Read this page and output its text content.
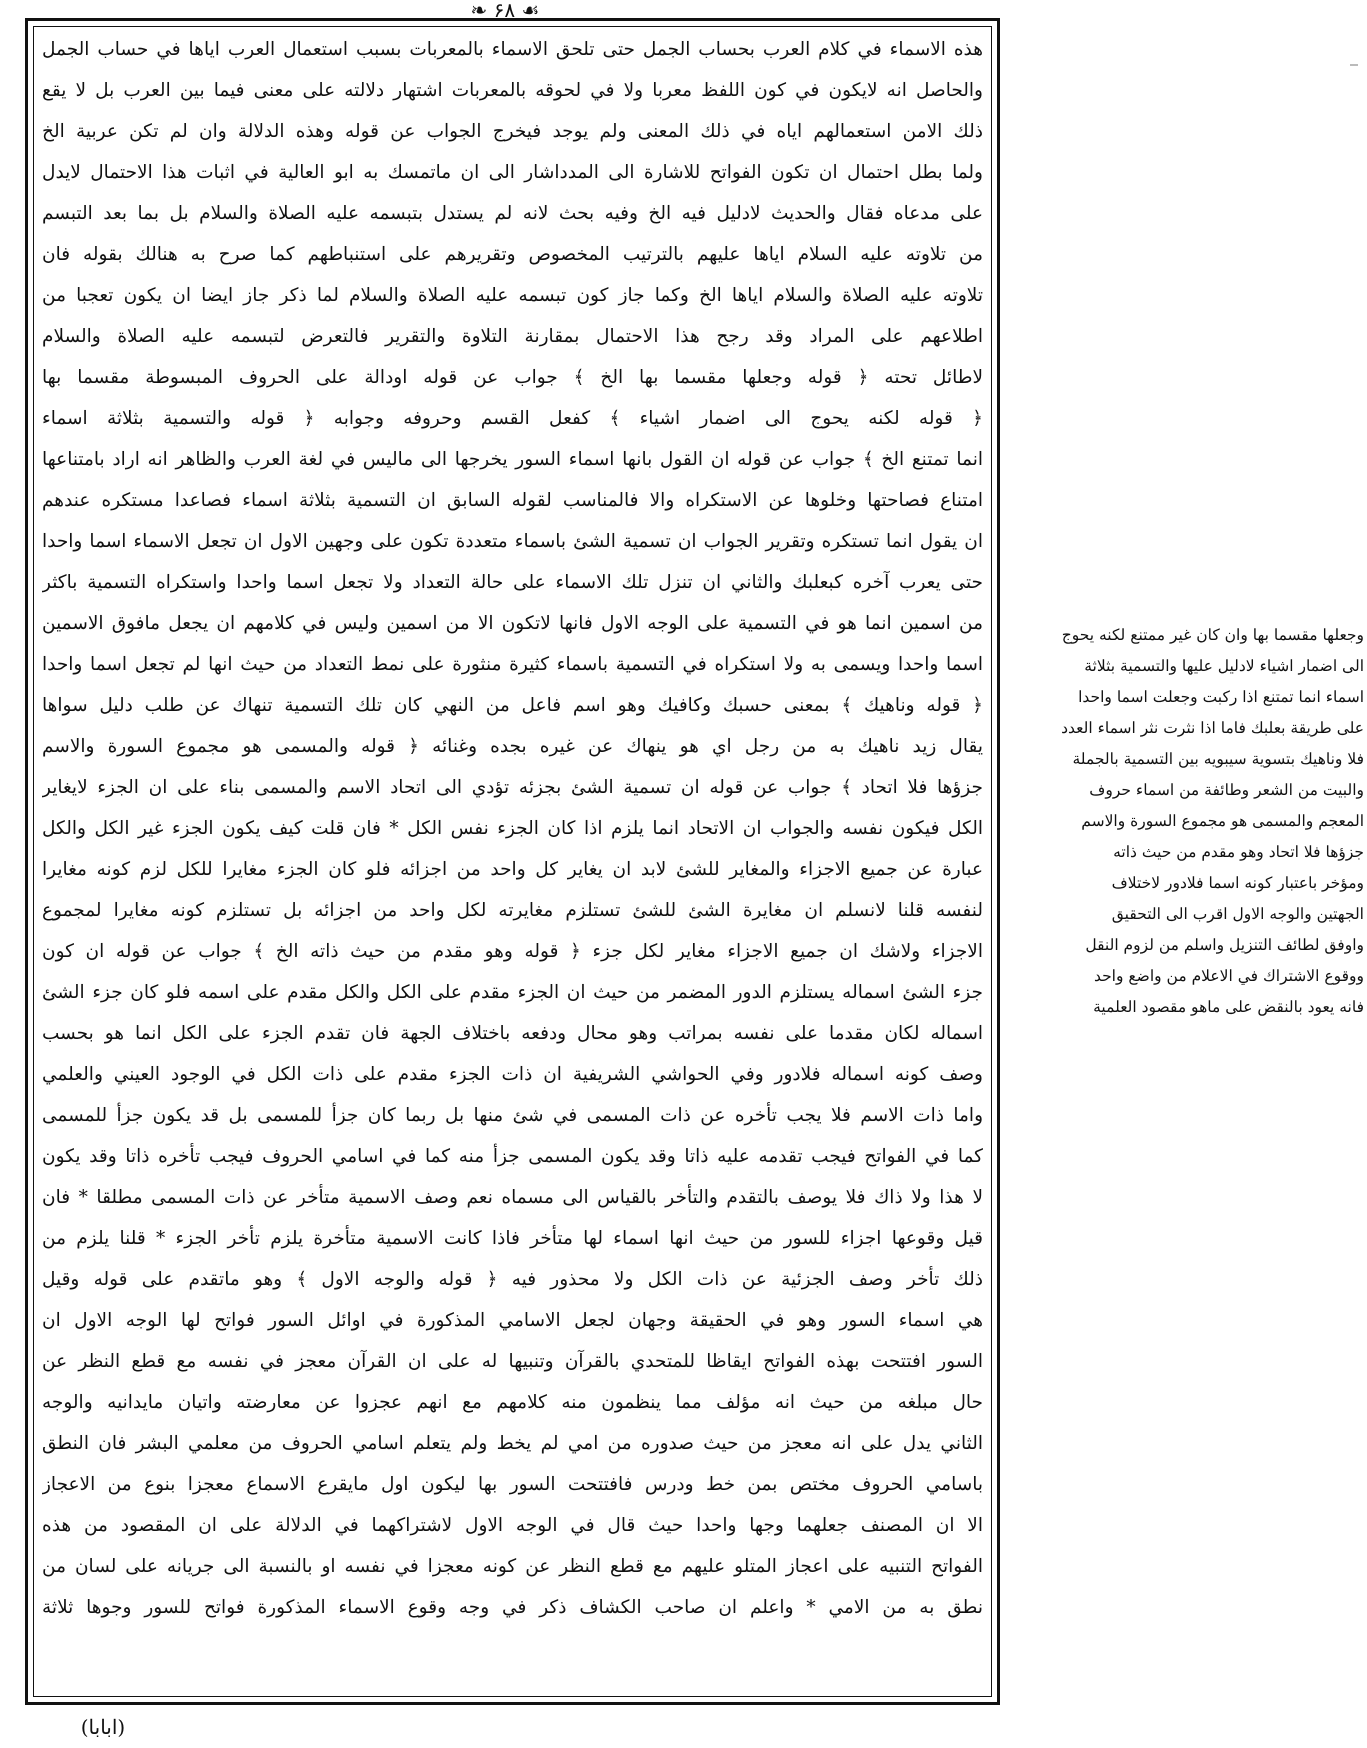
❧ ۶۸ ☙
هذه الاسماء في كلام العرب بحساب الجمل حتى تلحق الاسماء بالمعربات بسبب استعمال العرب اياها في حساب الجمل
والحاصل انه لايكون في كون اللفظ معربا ولا في لحوقه بالمعربات اشتهار دلالته على معنى فيما بين العرب بل لا يقع
ذلك الامن استعمالهم اياه في ذلك المعنى ولم يوجد فيخرج الجواب عن قوله وهذه الدلالة وان لم تكن عربية الخ
ولما بطل احتمال ان تكون الفواتح للاشارة الى المدداشار الى ان ماتمسك به ابو العالية في اثبات هذا الاحتمال لايدل
على مدعاه فقال والحديث لادليل فيه الخ وفيه بحث لانه لم يستدل بتبسمه عليه الصلاة والسلام بل بما بعد التبسم
من تلاوته عليه السلام اياها عليهم بالترتيب المخصوص وتقريرهم على استنباطهم كما صرح به هنالك بقوله فان
تلاوته عليه الصلاة والسلام اياها الخ وكما جاز كون تبسمه عليه الصلاة والسلام لما ذكر جاز ايضا ان يكون تعجبا من
اطلاعهم على المراد وقد رجح هذا الاحتمال بمقارنة التلاوة والتقرير فالتعرض لتبسمه عليه الصلاة والسلام
لاطائل تحته ﴿ قوله وجعلها مقسما بها الخ ﴾ جواب عن قوله اودالة على الحروف المبسوطة مقسما بها
﴿ قوله لكنه يحوج الى اضمار اشياء ﴾ كفعل القسم وحروفه وجوابه ﴿ قوله والتسمية بثلاثة اسماء
انما تمتنع الخ ﴾ جواب عن قوله ان القول بانها اسماء السور يخرجها الى ماليس في لغة العرب والظاهر انه اراد بامتناعها
امتناع فصاحتها وخلوها عن الاستكراه والا فالمناسب لقوله السابق ان التسمية بثلاثة اسماء فصاعدا مستكره عندهم
ان يقول انما تستكره وتقرير الجواب ان تسمية الشئ باسماء متعددة تكون على وجهين الاول ان تجعل الاسماء اسما واحدا
حتى يعرب آخره كبعلبك والثاني ان تنزل تلك الاسماء على حالة التعداد ولا تجعل اسما واحدا واستكراه التسمية باكثر
من اسمين انما هو في التسمية على الوجه الاول فانها لاتكون الا من اسمين وليس في كلامهم ان يجعل مافوق الاسمين
اسما واحدا ويسمى به ولا استكراه في التسمية باسماء كثيرة منثورة على نمط التعداد من حيث انها لم تجعل اسما واحدا
﴿ قوله وناهيك ﴾ بمعنى حسبك وكافيك وهو اسم فاعل من النهي كان تلك التسمية تنهاك عن طلب دليل سواها
يقال زيد ناهيك به من رجل اي هو ينهاك عن غيره بجده وغنائه ﴿ قوله والمسمى هو مجموع السورة والاسم
جزؤها فلا اتحاد ﴾ جواب عن قوله ان تسمية الشئ بجزئه تؤدي الى اتحاد الاسم والمسمى بناء على ان الجزء لايغاير
الكل فيكون نفسه والجواب ان الاتحاد انما يلزم اذا كان الجزء نفس الكل * فان قلت كيف يكون الجزء غير الكل والكل
عبارة عن جميع الاجزاء والمغاير للشئ لابد ان يغاير كل واحد من اجزائه فلو كان الجزء مغايرا للكل لزم كونه مغايرا
لنفسه قلنا لانسلم ان مغايرة الشئ للشئ تستلزم مغايرته لكل واحد من اجزائه بل تستلزم كونه مغايرا لمجموع
الاجزاء ولاشك ان جميع الاجزاء مغاير لكل جزء ﴿ قوله وهو مقدم من حيث ذاته الخ ﴾ جواب عن قوله ان كون
جزء الشئ اسماله يستلزم الدور المضمر من حيث ان الجزء مقدم على الكل والكل مقدم على اسمه فلو كان جزء الشئ
اسماله لكان مقدما على نفسه بمراتب وهو محال ودفعه باختلاف الجهة فان تقدم الجزء على الكل انما هو بحسب
وصف كونه اسماله فلادور وفي الحواشي الشريفية ان ذات الجزء مقدم على ذات الكل في الوجود العيني والعلمي
واما ذات الاسم فلا يجب تأخره عن ذات المسمى في شئ منها بل ربما كان جزأ للمسمى بل قد يكون جزأ للمسمى
كما في الفواتح فيجب تقدمه عليه ذاتا وقد يكون المسمى جزأ منه كما في اسامي الحروف فيجب تأخره ذاتا وقد يكون
لا هذا ولا ذاك فلا يوصف بالتقدم والتأخر بالقياس الى مسماه نعم وصف الاسمية متأخر عن ذات المسمى مطلقا * فان
قيل وقوعها اجزاء للسور من حيث انها اسماء لها متأخر فاذا كانت الاسمية متأخرة يلزم تأخر الجزء * قلنا يلزم من
ذلك تأخر وصف الجزئية عن ذات الكل ولا محذور فيه ﴿ قوله والوجه الاول ﴾ وهو ماتقدم على قوله وقيل
هي اسماء السور وهو في الحقيقة وجهان لجعل الاسامي المذكورة في اوائل السور فواتح لها الوجه الاول ان
السور افتتحت بهذه الفواتح ايقاظا للمتحدي بالقرآن وتنبيها له على ان القرآن معجز في نفسه مع قطع النظر عن
حال مبلغه من حيث انه مؤلف مما ينظمون منه كلامهم مع انهم عجزوا عن معارضته واتيان مايدانيه والوجه
الثاني يدل على انه معجز من حيث صدوره من امي لم يخط ولم يتعلم اسامي الحروف من معلمي البشر فان النطق
باسامي الحروف مختص بمن خط ودرس فافتتحت السور بها ليكون اول مايقرع الاسماع معجزا بنوع من الاعجاز
الا ان المصنف جعلهما وجها واحدا حيث قال في الوجه الاول لاشتراكهما في الدلالة على ان المقصود من هذه
الفواتح التنبيه على اعجاز المتلو عليهم مع قطع النظر عن كونه معجزا في نفسه او بالنسبة الى جريانه على لسان من
نطق به من الامي * واعلم ان صاحب الكشاف ذكر في وجه وقوع الاسماء المذكورة فواتح للسور وجوها ثلاثة
وجعلها مقسما بها وان كان غير ممتنع لكنه يحوج
الى اضمار اشياء لادليل عليها والتسمية بثلاثة
اسماء انما تمتنع اذا ركبت وجعلت اسما واحدا
على طريقة بعلبك فاما اذا نثرت نثر اسماء العدد
فلا وناهيك بتسوية سيبويه بين التسمية بالجملة
والبيت من الشعر وطائفة من اسماء حروف
المعجم والمسمى هو مجموع السورة والاسم
جزؤها فلا اتحاد وهو مقدم من حيث ذاته
ومؤخر باعتبار كونه اسما فلادور لاختلاف
الجهتين والوجه الاول اقرب الى التحقيق
واوفق لطائف التنزيل واسلم من لزوم النقل
ووقوع الاشتراك في الاعلام من واضع واحد
فانه يعود بالنقض على ماهو مقصود العلمية
(ابابا)
